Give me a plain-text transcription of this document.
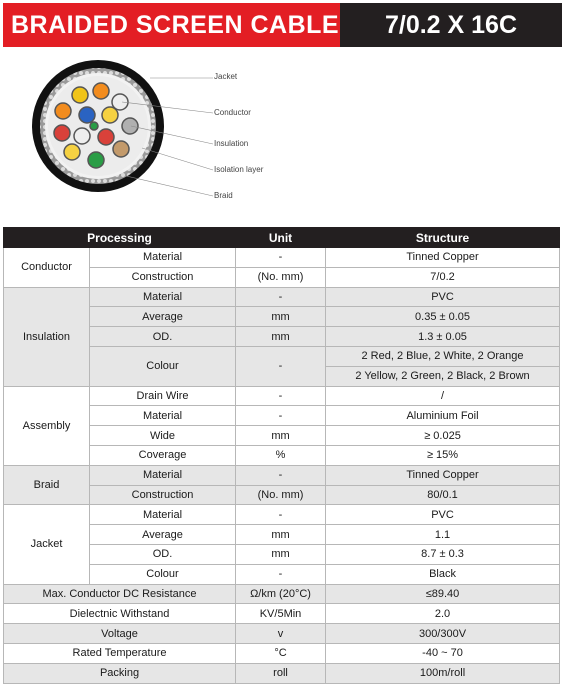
BRAIDED SCREEN CABLE	7/0.2 X 16C
Jacket
Conductor
Insulation
Isolation layer
Braid
Processing		Unit	Structure
Conductor	Material	-	Tinned Copper
	Construction	(No. mm)	7/0.2
Insulation	Material	-	PVC
	Average	mm	0.35 ± 0.05
	OD.	mm	1.3 ± 0.05
	Colour	-	2 Red, 2 Blue, 2 White, 2 Orange
			2 Yellow, 2 Green, 2 Black, 2 Brown
Assembly	Drain Wire	-	/
	Material	-	Aluminium Foil
	Wide	mm	≥ 0.025
	Coverage	%	≥ 15%
Braid	Material	-	Tinned Copper
	Construction	(No. mm)	80/0.1
Jacket	Material	-	PVC
	Average	mm	1.1
	OD.	mm	8.7 ± 0.3
	Colour	-	Black
Max. Conductor DC Resistance		Ω/km (20°C)	≤89.40
Dielectnic Withstand		KV/5Min	2.0
Voltage		v	300/300V
Rated Temperature		°C	-40 ~ 70
Packing		roll	100m/roll
